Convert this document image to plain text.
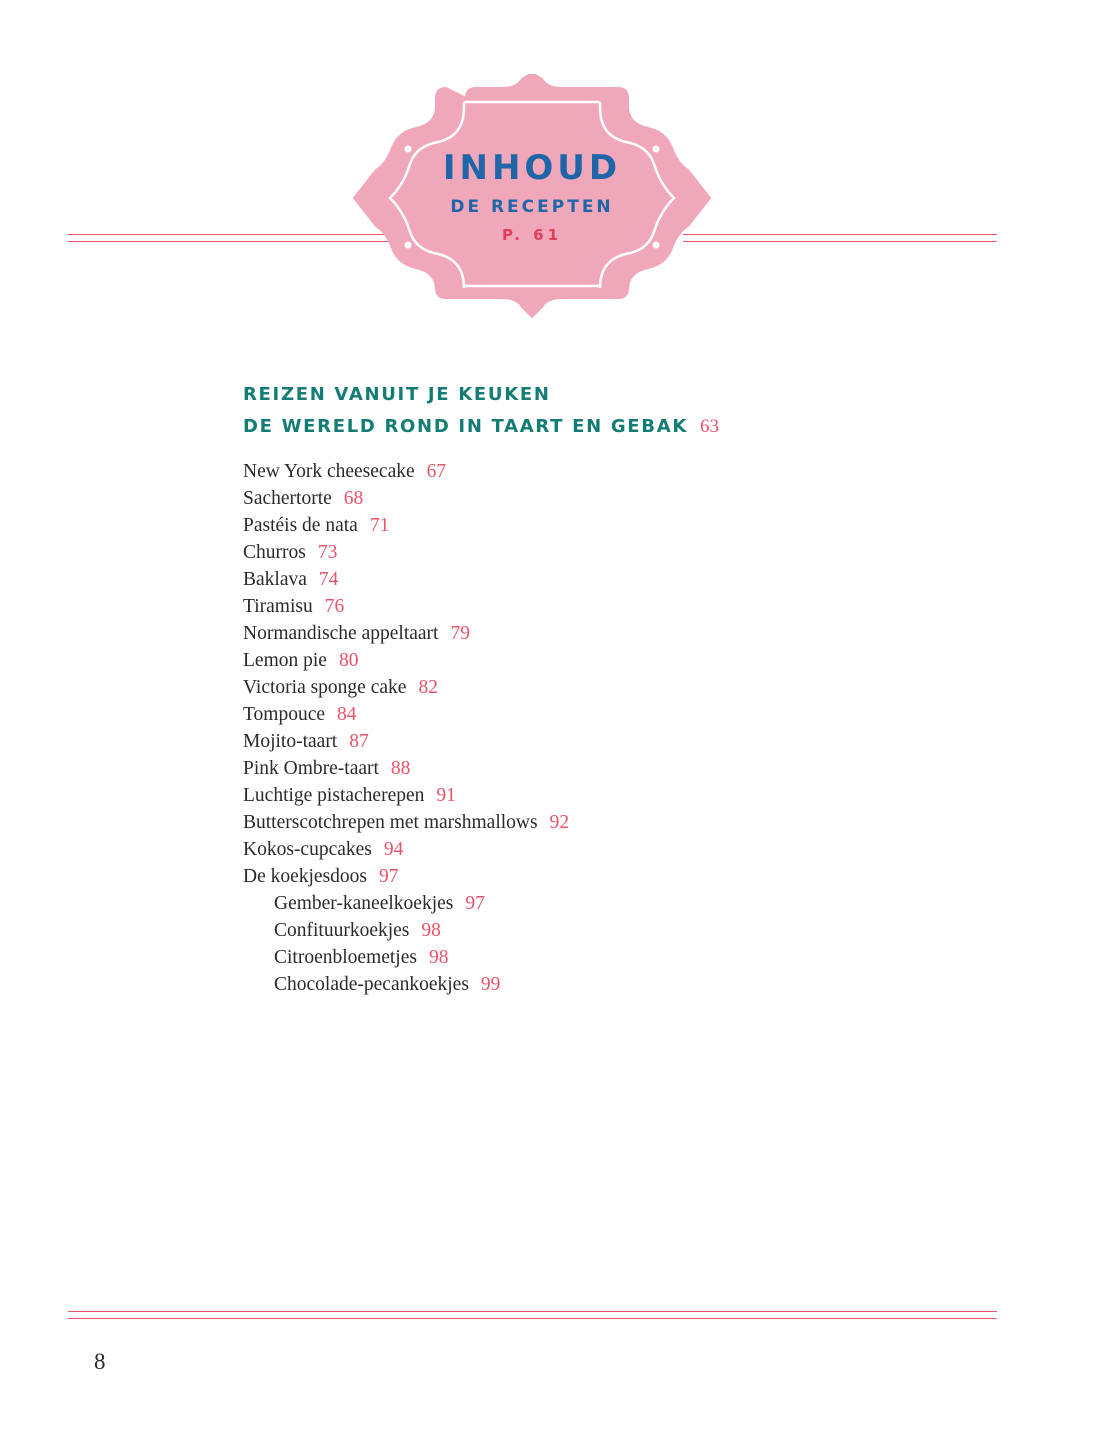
INHOUD
DE RECEPTEN
P. 61
REIZEN VANUIT JE KEUKEN
DE WERELD ROND IN TAART EN GEBAK 63
New York cheesecake 67
Sachertorte 68
Pastéis de nata 71
Churros 73
Baklava 74
Tiramisu 76
Normandische appeltaart 79
Lemon pie 80
Victoria sponge cake 82
Tompouce 84
Mojito-taart 87
Pink Ombre-taart 88
Luchtige pistacherepen 91
Butterscotchrepen met marshmallows 92
Kokos-cupcakes 94
De koekjesdoos 97
Gember-kaneelkoekjes 97
Confituurkoekjes 98
Citroenbloemetjes 98
Chocolade-pecankoekjes 99
8
